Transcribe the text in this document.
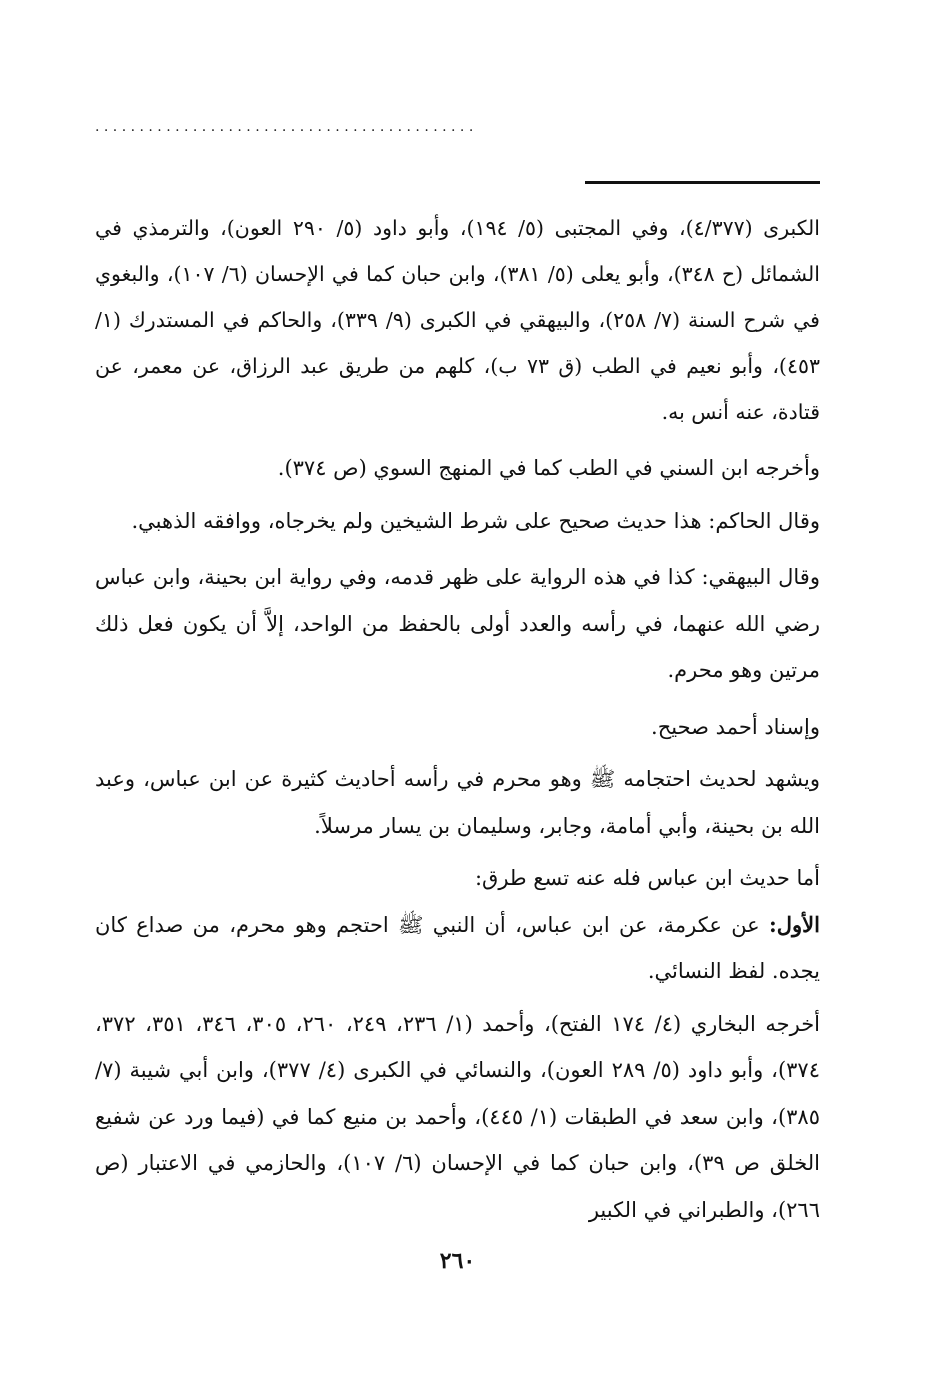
. . . . . . . . . . . . . . . . . . . . . . . . . . . . . . . . . . . . . . . . . . .

الكبرى (٤/٣٧٧)، وفي المجتبى (٥/ ١٩٤)، وأبو داود (٥/ ٢٩٠ العون)، والترمذي في الشمائل (ح ٣٤٨)، وأبو يعلى (٥/ ٣٨١)، وابن حبان كما في الإحسان (٦/ ١٠٧)، والبغوي في شرح السنة (٧/ ٢٥٨)، والبيهقي في الكبرى (٩/ ٣٣٩)، والحاكم في المستدرك (١/ ٤٥٣)، وأبو نعيم في الطب (ق ٧٣ ب)، كلهم من طريق عبد الرزاق، عن معمر، عن قتادة، عنه أنس به.

وأخرجه ابن السني في الطب كما في المنهج السوي (ص ٣٧٤).

وقال الحاكم: هذا حديث صحيح على شرط الشيخين ولم يخرجاه، ووافقه الذهبي.

وقال البيهقي: كذا في هذه الرواية على ظهر قدمه، وفي رواية ابن بحينة، وابن عباس رضي الله عنهما، في رأسه والعدد أولى بالحفظ من الواحد، إلاَّ أن يكون فعل ذلك مرتين وهو محرم.

وإسناد أحمد صحيح.

ويشهد لحديث احتجامه ﷺ وهو محرم في رأسه أحاديث كثيرة عن ابن عباس، وعبد الله بن بحينة، وأبي أمامة، وجابر، وسليمان بن يسار مرسلاً.

أما حديث ابن عباس فله عنه تسع طرق:

الأول: عن عكرمة، عن ابن عباس، أن النبي ﷺ احتجم وهو محرم، من صداع كان يجده. لفظ النسائي.

أخرجه البخاري (٤/ ١٧٤ الفتح)، وأحمد (١/ ٢٣٦، ٢٤٩، ٢٦٠، ٣٠٥، ٣٤٦، ٣٥١، ٣٧٢، ٣٧٤)، وأبو داود (٥/ ٢٨٩ العون)، والنسائي في الكبرى (٤/ ٣٧٧)، وابن أبي شيبة (٧/ ٣٨٥)، وابن سعد في الطبقات (١/ ٤٤٥)، وأحمد بن منيع كما في (فيما ورد عن شفيع الخلق ص ٣٩)، وابن حبان كما في الإحسان (٦/ ١٠٧)، والحازمي في الاعتبار (ص ٢٦٦)، والطبراني في الكبير

٢٦٠
